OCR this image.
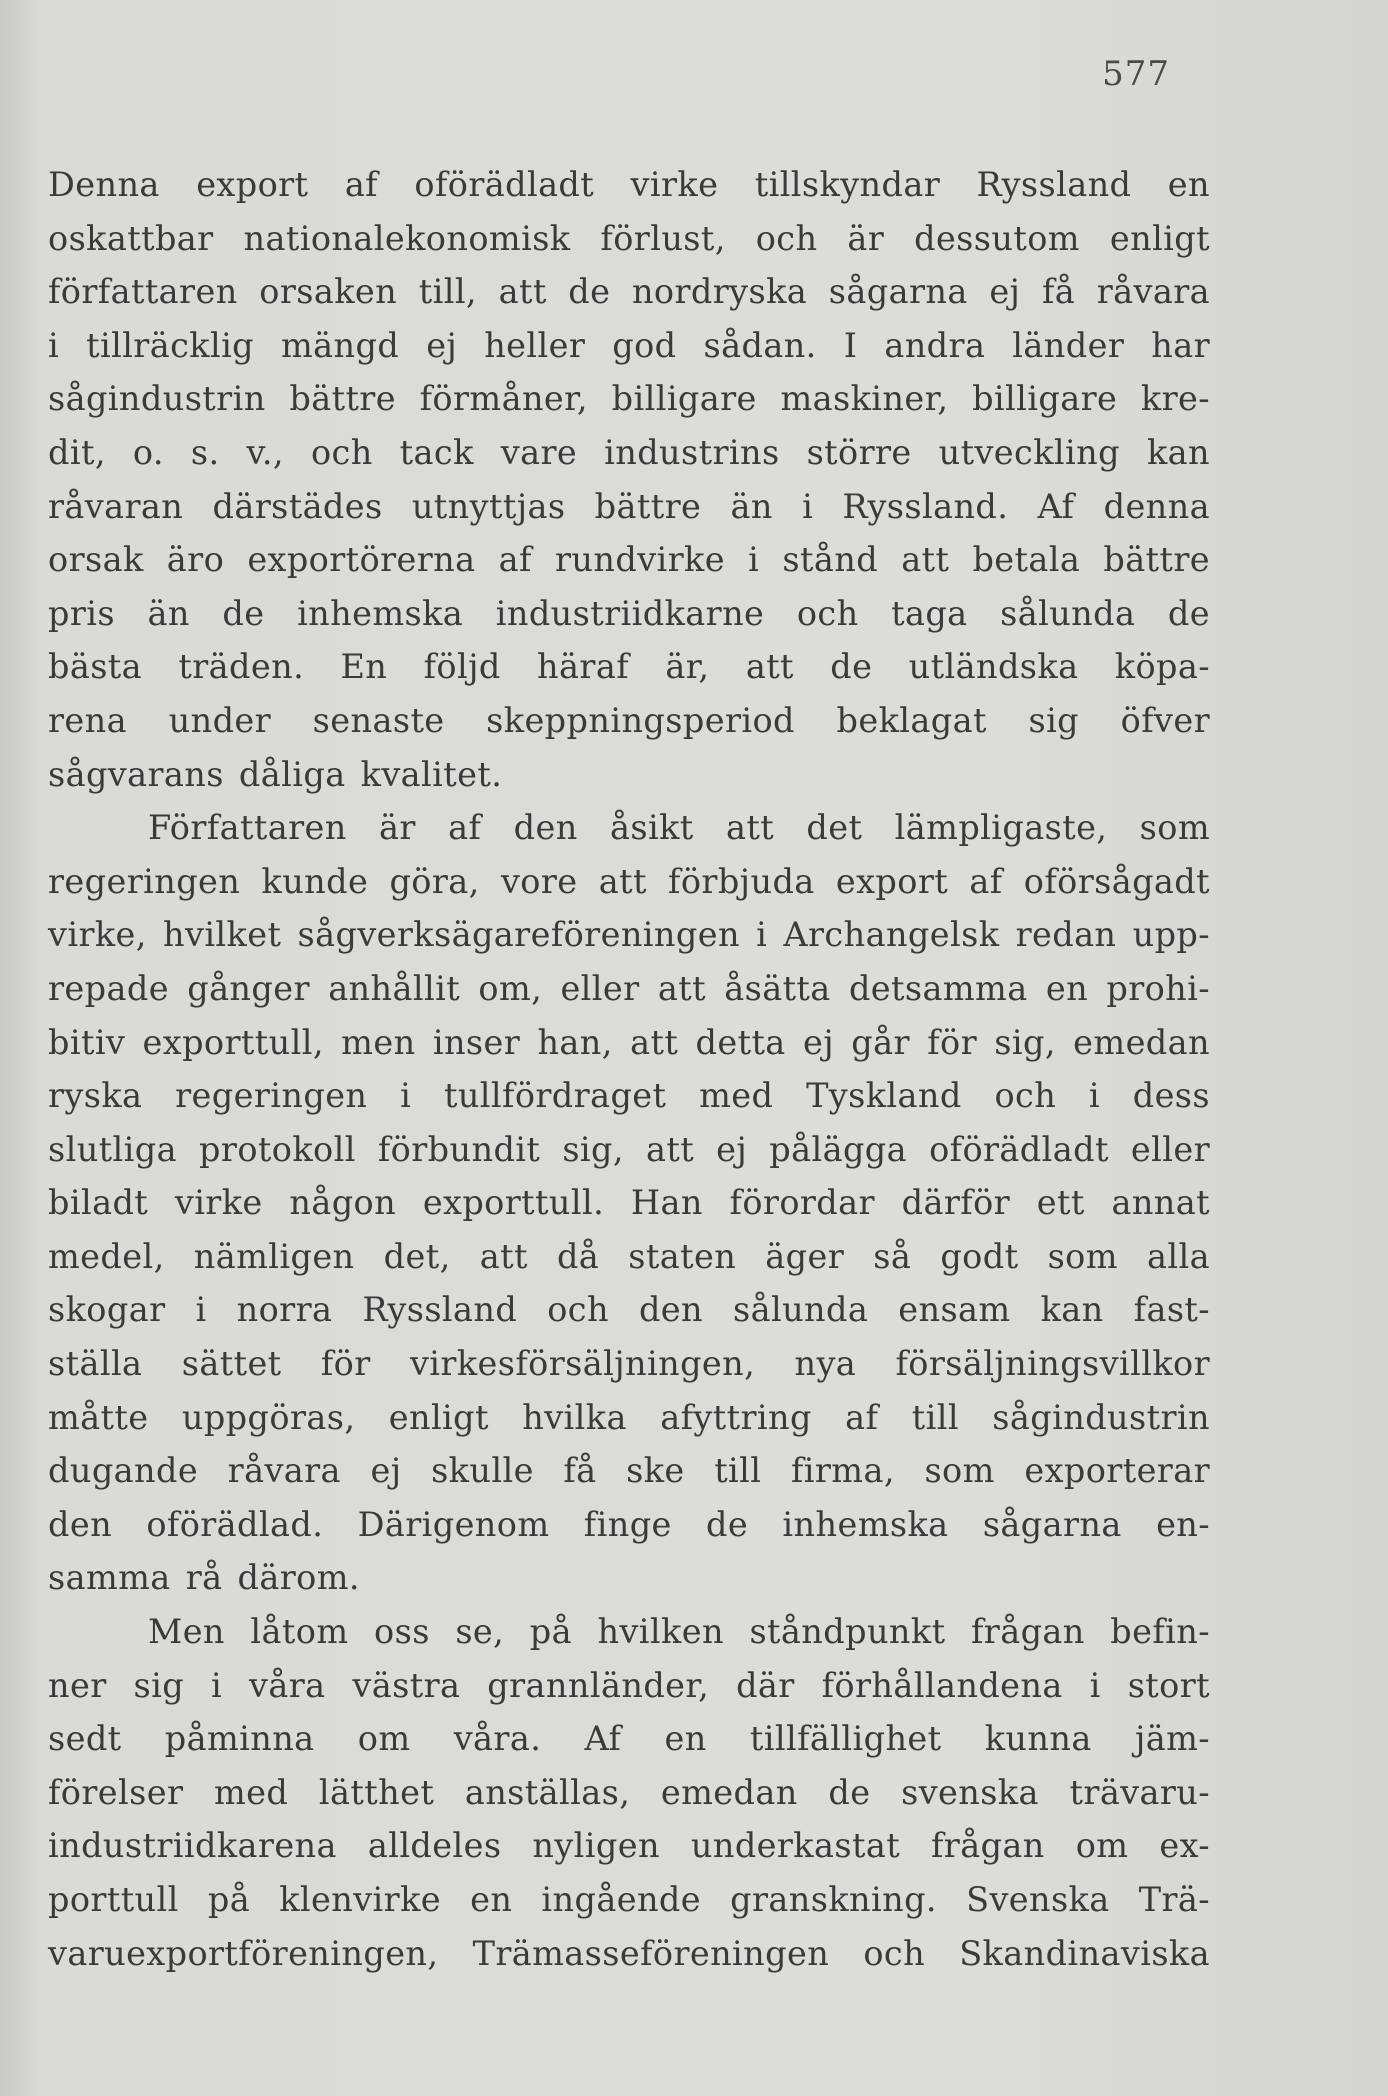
577

Denna export af oförädladt virke tillskyndar Ryssland en
oskattbar nationalekonomisk förlust, och är dessutom enligt
författaren orsaken till, att de nordryska sågarna ej få råvara
i tillräcklig mängd ej heller god sådan. I andra länder har
sågindustrin bättre förmåner, billigare maskiner, billigare kre-
dit, o. s. v., och tack vare industrins större utveckling kan
råvaran därstädes utnyttjas bättre än i Ryssland. Af denna
orsak äro exportörerna af rundvirke i stånd att betala bättre
pris än de inhemska industriidkarne och taga sålunda de
bästa träden. En följd häraf är, att de utländska köpa-
rena under senaste skeppningsperiod beklagat sig öfver
sågvarans dåliga kvalitet.
Författaren är af den åsikt att det lämpligaste, som
regeringen kunde göra, vore att förbjuda export af oförsågadt
virke, hvilket sågverksägareföreningen i Archangelsk redan upp-
repade gånger anhållit om, eller att åsätta detsamma en prohi-
bitiv exporttull, men inser han, att detta ej går för sig, emedan
ryska regeringen i tullfördraget med Tyskland och i dess
slutliga protokoll förbundit sig, att ej pålägga oförädladt eller
biladt virke någon exporttull. Han förordar därför ett annat
medel, nämligen det, att då staten äger så godt som alla
skogar i norra Ryssland och den sålunda ensam kan fast-
ställa sättet för virkesförsäljningen, nya försäljningsvillkor
måtte uppgöras, enligt hvilka afyttring af till sågindustrin
dugande råvara ej skulle få ske till firma, som exporterar
den oförädlad. Därigenom finge de inhemska sågarna en-
samma rå därom.
Men låtom oss se, på hvilken ståndpunkt frågan befin-
ner sig i våra västra grannländer, där förhållandena i stort
sedt påminna om våra. Af en tillfällighet kunna jäm-
förelser med lätthet anställas, emedan de svenska trävaru-
industriidkarena alldeles nyligen underkastat frågan om ex-
porttull på klenvirke en ingående granskning. Svenska Trä-
varuexportföreningen, Trämasseföreningen och Skandinaviska
